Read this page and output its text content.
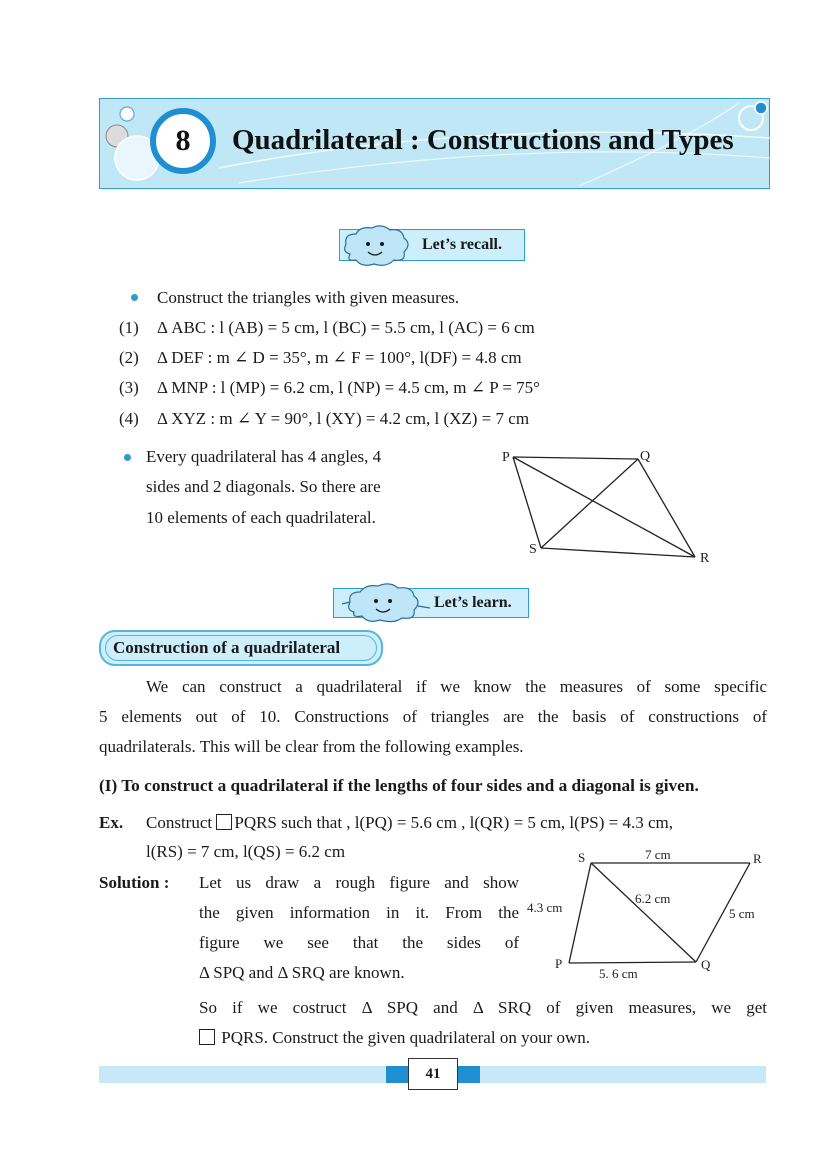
8	Quadrilateral : Constructions and Types
Let’s recall.
Construct the triangles with given measures.
(1) Δ ABC : l (AB) = 5 cm, l (BC) = 5.5 cm, l (AC) = 6 cm
(2) Δ DEF : m ∠ D = 35°, m ∠ F = 100°, l(DF) = 4.8 cm
(3) Δ MNP : l (MP) = 6.2 cm, l (NP) = 4.5 cm, m ∠ P = 75°
(4) Δ XYZ : m ∠ Y = 90°, l (XY) = 4.2 cm, l (XZ) = 7 cm
Every quadrilateral has 4 angles, 4
sides and 2 diagonals. So there are
10 elements of each quadrilateral.
P	Q
R
S
Let’s learn.
Construction of a quadrilateral
We can construct a quadrilateral if we know the measures of some specific
5 elements out of 10. Constructions of triangles are the basis of constructions of
quadrilaterals. This will be clear from the following examples.
(I) To construct a quadrilateral if the lengths of four sides and a diagonal is given.
Ex. Construct PQRS such that , l(PQ) = 5.6 cm , l(QR) = 5 cm, l(PS) = 4.3 cm,
l(RS) = 7 cm, l(QS) = 6.2 cm
Solution : Let us draw a rough figure and show
the given information in it. From the
figure we see that the sides of
Δ SPQ and Δ SRQ are known.
So if we costruct Δ SPQ and Δ SRQ of given measures, we get
PQRS. Construct the given quadrilateral on your own.
S	R
P	Q
7 cm
6.2 cm
4.3 cm	5 cm
5. 6 cm
41
